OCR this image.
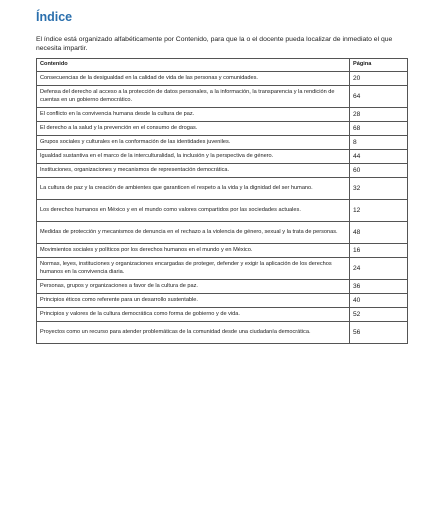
Índice

El índice está organizado alfabéticamente por Contenido, para que la o el docente pueda localizar de inmediato el que necesita impartir.

Contenido	Página
Consecuencias de la desigualdad en la calidad de vida de las personas y comunidades.	20
Defensa del derecho al acceso a la protección de datos personales, a la información, la transparencia y la rendición de cuentas en un gobierno democrático.	64
El conflicto en la convivencia humana desde la cultura de paz.	28
El derecho a la salud y la prevención en el consumo de drogas.	68
Grupos sociales y culturales en la conformación de las identidades juveniles.	8
Igualdad sustantiva en el marco de la interculturalidad, la inclusión y la perspectiva de género.	44
Instituciones, organizaciones y mecanismos de representación democrática.	60
La cultura de paz y la creación de ambientes que garanticen el respeto a la vida y la dignidad del ser humano.	32
Los derechos humanos en México y en el mundo como valores compartidos por las sociedades actuales.	12
Medidas de protección y mecanismos de denuncia en el rechazo a la violencia de género, sexual y la trata de personas.	48
Movimientos sociales y políticos por los derechos humanos en el mundo y en México.	16
Normas, leyes, instituciones y organizaciones encargadas de proteger, defender y exigir la aplicación de los derechos humanos en la convivencia diaria.	24
Personas, grupos y organizaciones a favor de la cultura de paz.	36
Principios éticos como referente para un desarrollo sustentable.	40
Principios y valores de la cultura democrática como forma de gobierno y de vida.	52
Proyectos como un recurso para atender problemáticas de la comunidad desde una ciudadanía democrática.	56
